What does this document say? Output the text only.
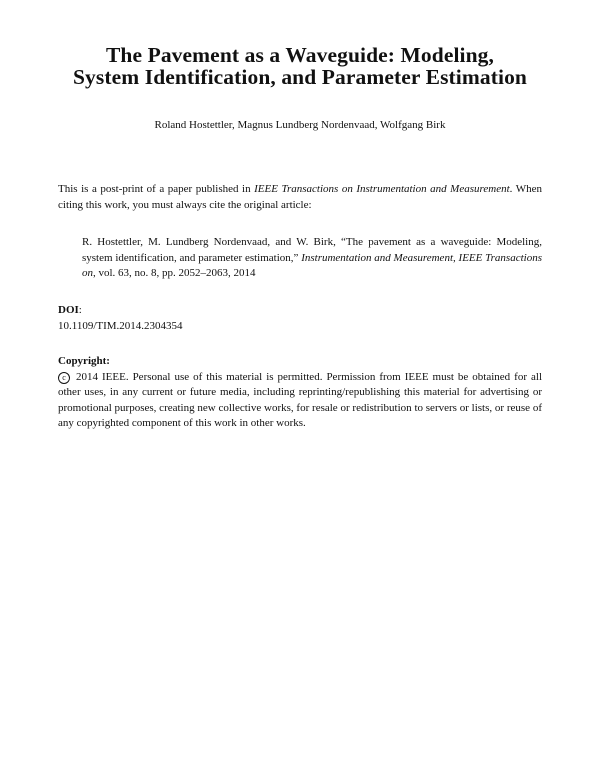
The Pavement as a Waveguide: Modeling,
System Identification, and Parameter Estimation
Roland Hostettler, Magnus Lundberg Nordenvaad, Wolfgang Birk
This is a post-print of a paper published in IEEE Transactions on Instrumentation and Measurement. When citing this work, you must always cite the original article:
R. Hostettler, M. Lundberg Nordenvaad, and W. Birk, “The pavement as a waveguide: Modeling, system identification, and parameter estimation,” Instrumentation and Measurement, IEEE Transactions on, vol. 63, no. 8, pp. 2052–2063, 2014
DOI:
10.1109/TIM.2014.2304354
Copyright:
c 2014 IEEE. Personal use of this material is permitted. Permission from IEEE must be obtained for all other uses, in any current or future media, including reprinting/republishing this material for advertising or promotional purposes, creating new collective works, for resale or redistribution to servers or lists, or reuse of any copyrighted component of this work in other works.
